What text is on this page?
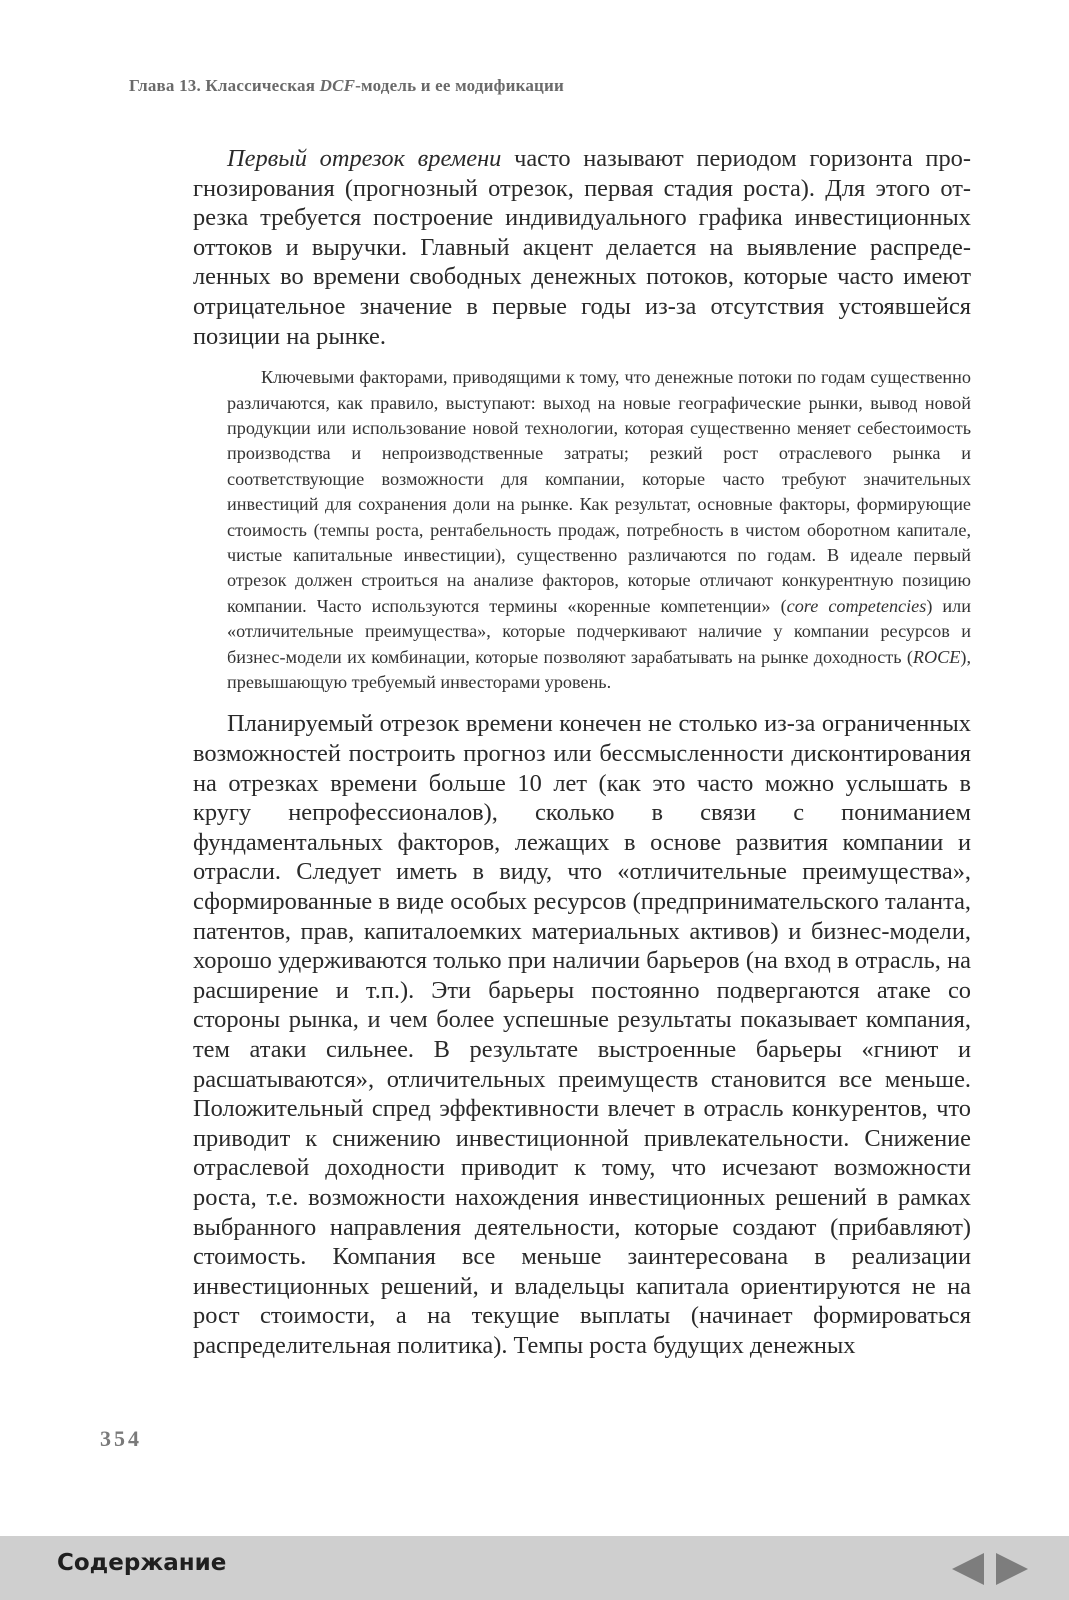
Глава 13. Классическая DCF-модель и ее модификации

Первый отрезок времени часто называют периодом горизонта прогнозирования (прогнозный отрезок, первая стадия роста). Для этого отрезка требуется построение индивидуального графика инвестиционных оттоков и выручки. Главный акцент делается на выявление распределенных во времени свободных денежных потоков, которые часто имеют отрицательное значение в первые годы из-за отсутствия устоявшейся позиции на рынке.

Ключевыми факторами, приводящими к тому, что денежные потоки по годам существенно различаются, как правило, выступают: выход на новые географические рынки, вывод новой продукции или использование новой технологии, которая существенно меняет себестоимость производства и непроизводственные затраты; резкий рост отраслевого рынка и соответствующие возможности для компании, которые часто требуют значительных инвестиций для сохранения доли на рынке. Как результат, основные факторы, формирующие стоимость (темпы роста, рентабельность продаж, потребность в чистом оборотном капитале, чистые капитальные инвестиции), существенно различаются по годам. В идеале первый отрезок должен строиться на анализе факторов, которые отличают конкурентную позицию компании. Часто используются термины «коренные компетенции» (core competencies) или «отличительные преимущества», которые подчеркивают наличие у компании ресурсов и бизнес-модели их комбинации, которые позволяют зарабатывать на рынке доходность (ROCE), превышающую требуемый инвесторами уровень.

Планируемый отрезок времени конечен не столько из-за ограниченных возможностей построить прогноз или бессмысленности дисконтирования на отрезках времени больше 10 лет (как это часто можно услышать в кругу непрофессионалов), сколько в связи с пониманием фундаментальных факторов, лежащих в основе развития компании и отрасли. Следует иметь в виду, что «отличительные преимущества», сформированные в виде особых ресурсов (предпринимательского таланта, патентов, прав, капиталоемких материальных активов) и бизнес-модели, хорошо удерживаются только при наличии барьеров (на вход в отрасль, на расширение и т.п.). Эти барьеры постоянно подвергаются атаке со стороны рынка, и чем более успешные результаты показывает компания, тем атаки сильнее. В результате выстроенные барьеры «гниют и расшатываются», отличительных преимуществ становится все меньше. Положительный спред эффективности влечет в отрасль конкурентов, что приводит к снижению инвестиционной привлекательности. Снижение отраслевой доходности приводит к тому, что исчезают возможности роста, т.е. возможности нахождения инвестиционных решений в рамках выбранного направления деятельности, которые создают (прибавляют) стоимость. Компания все меньше заинтересована в реализации инвестиционных решений, и владельцы капитала ориентируются не на рост стоимости, а на текущие выплаты (начинает формироваться распределительная политика). Темпы роста будущих денежных

354
Содержание
